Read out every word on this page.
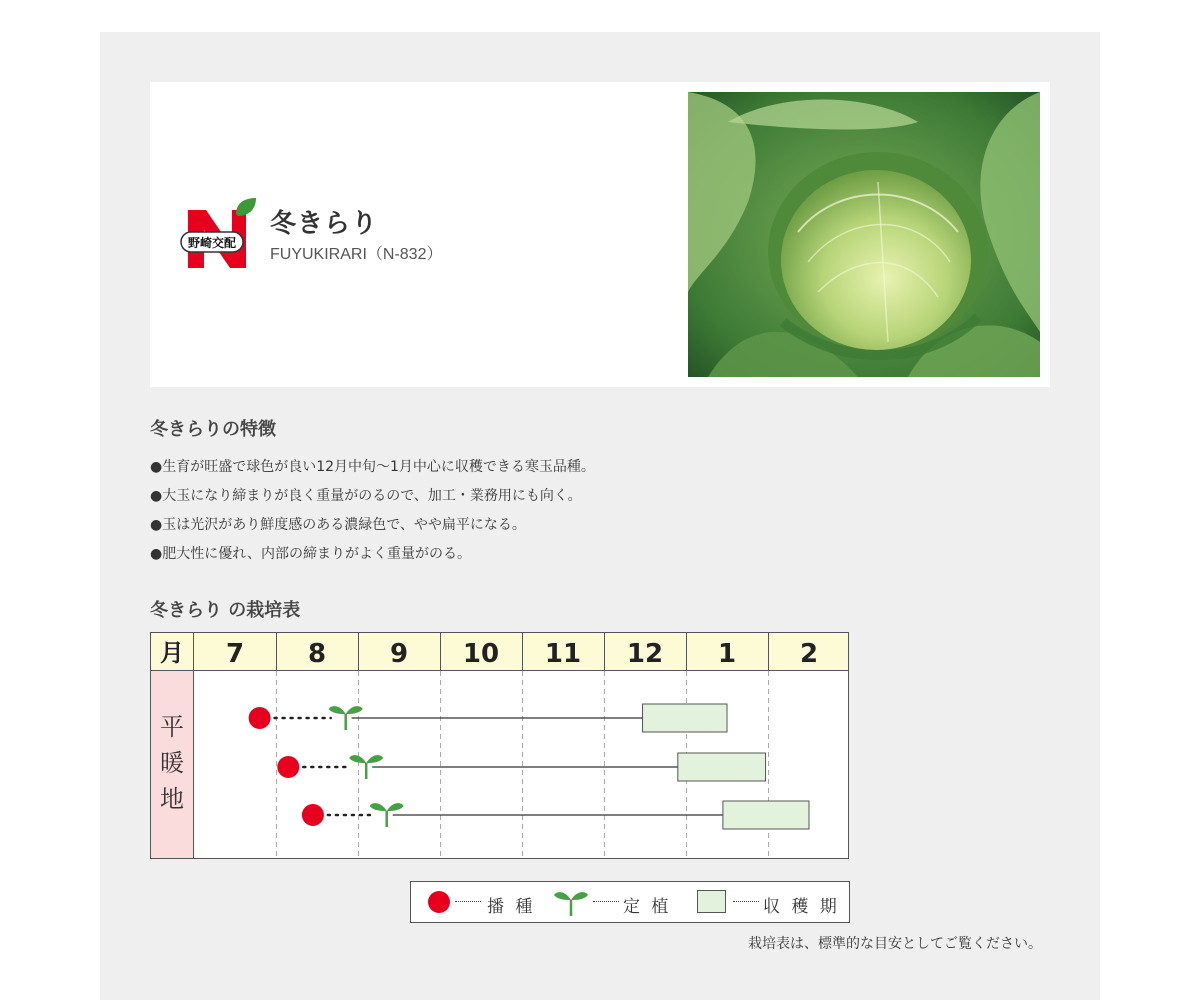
野崎交配
冬きらり
FUYUKIRARI（N-832）
冬きらりの特徴
●生育が旺盛で球色が良い12月中旬〜1月中心に収穫できる寒玉品種。
●大玉になり締まりが良く重量がのるので、加工・業務用にも向く。
●玉は光沢があり鮮度感のある濃緑色で、やや扁平になる。
●肥大性に優れ、内部の締まりがよく重量がのる。
冬きらり の栽培表
月 7 8 9 10 11 12 1 2
平
暖
地
播 種	定 植	収 穫 期
栽培表は、標準的な目安としてご覧ください。
